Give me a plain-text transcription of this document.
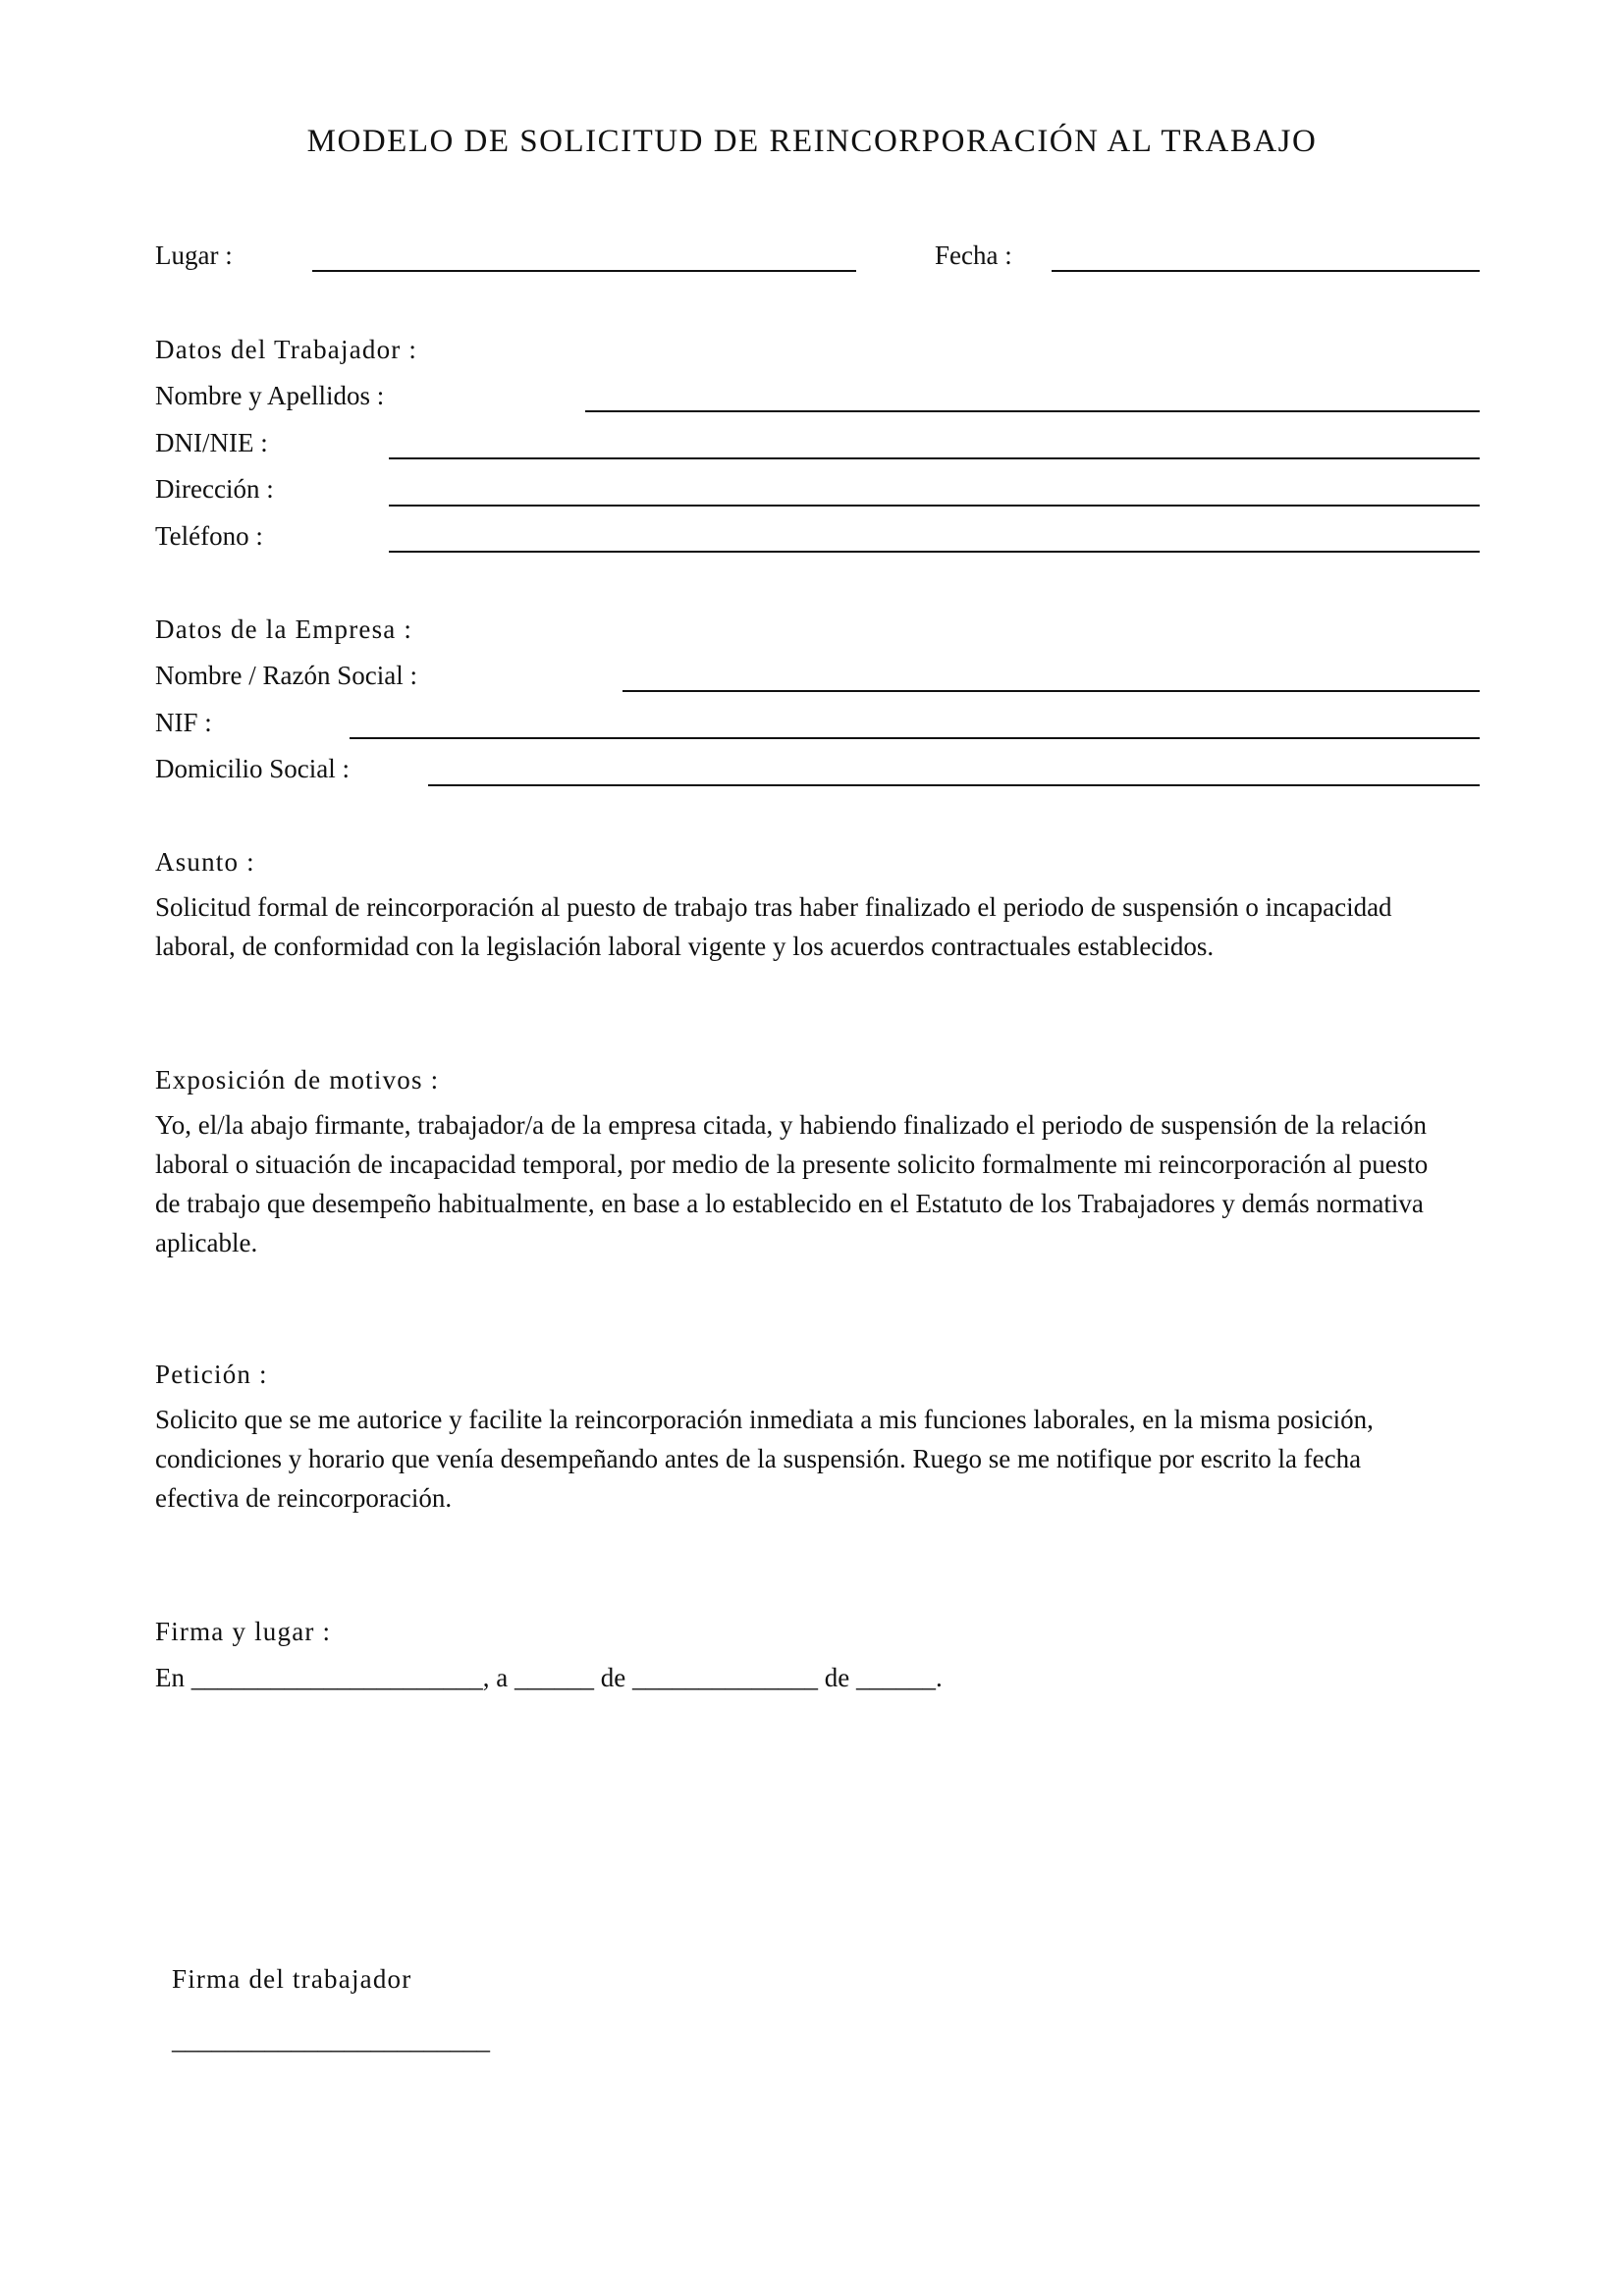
MODELO DE SOLICITUD DE REINCORPORACIÓN AL TRABAJO
Lugar :	Fecha :
Datos del Trabajador :
Nombre y Apellidos :
DNI/NIE :
Dirección :
Teléfono :
Datos de la Empresa :
Nombre / Razón Social :
NIF :
Domicilio Social :
Asunto :
Solicitud formal de reincorporación al puesto de trabajo tras haber finalizado el periodo de suspensión o incapacidad
laboral, de conformidad con la legislación laboral vigente y los acuerdos contractuales establecidos.
Exposición de motivos :
Yo, el/la abajo firmante, trabajador/a de la empresa citada, y habiendo finalizado el periodo de suspensión de la relación
laboral o situación de incapacidad temporal, por medio de la presente solicito formalmente mi reincorporación al puesto
de trabajo que desempeño habitualmente, en base a lo establecido en el Estatuto de los Trabajadores y demás normativa
aplicable.
Petición :
Solicito que se me autorice y facilite la reincorporación inmediata a mis funciones laborales, en la misma posición,
condiciones y horario que venía desempeñando antes de la suspensión. Ruego se me notifique por escrito la fecha
efectiva de reincorporación.
Firma y lugar :
En ______________________, a ______ de ______________ de ______.
Firma del trabajador
________________________
